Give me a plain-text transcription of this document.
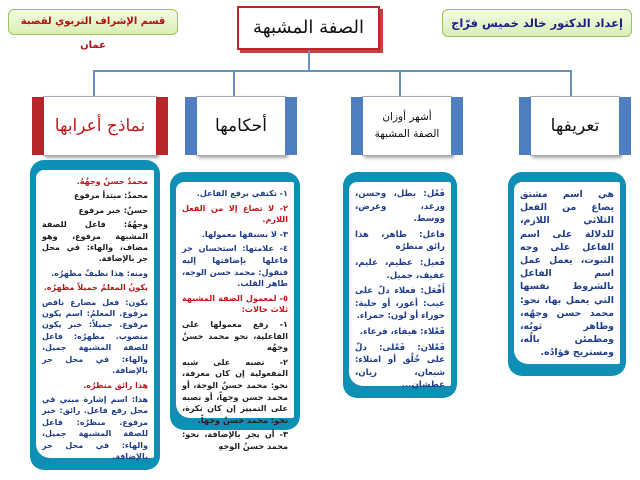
قسم الإشراف التربوي لقصبة عمان
إعداد الدكتور خالد خميس فرّاج
الصفة المشبهة
تعريفها
أشهر أوزان
الصفة المشبهة
أحكامها
نماذج أعرابها
هي اسم مشتق يصاغ من الفعل الثلاثي اللازم، للدلالة على اسم الفاعل على وجه الثبوت، يعمل عمل اسم الفاعل بالشروط نفسها التي يعمل بها، نحو: محمد حسن وجهُه، وطاهر ثوبُه، ومطمئن بالُه، ومستريح فؤادُه.
فَعْل: بطل، وحسن، ورغد، وعرض، ووسط.
فاعل: طاهر، هذا رائق منظرُه
فَعيل: عظيم، عليم، عفيف، جميل.
أَفْعَل: فعلاء دلّ على عيب: أعور، أو حلية: حوراء أو لون: حمراء.
فَعْلاء: هيفاء، فرعاء.
فَعْلان: فَعْلى: دلّ على خُلُق أو امتلاء: شبعان، ريان، عطشان...
١- تكتفي برفع الفاعل.
٢- لا تصاغ إلا من الفعل اللازم.
٣- لا يسبقها معمولها.
٤- علامتها: استحسان جر فاعلها بإضافتها إليه فنقول: محمد حسن الوجه، طاهر القلب.
٥- لمعمول الصفة المشبهة ثلاث حالات:
١- رفع معمولها على الفاعلية، نحو محمد حسنٌ وجهُه
٢- نصبه على شبه المفعولية إن كان معرفة، نحو: محمد حسنٌ الوجهَ، أو محمد حسن وجهاً، أو نصبه على التمييز إن كان نكرة، نحو: محمد حسنٌ وجهاً.
٣- أن يجر بالإضافة، نحو: محمد حسنُ الوجهِ
محمدٌ حسنٌ وجهُهُ.
محمدٌ: مبتدأ مرفوع
حسنٌ: خبر مرفوع
وجهُهُ: فاعل للصفة المشبهة مرفوع، وهو مضاف، والهاء: في محل جر بالإضافة.
ومنه: هذا نظيفٌ مظهرُه.
يكونُ المعلمُ جميلاً مظهرُه.
يكون: فعل مضارع ناقص مرفوع. المعلمُ: اسم يكون مرفوع. جميلاً: خبر يكون منصوب. مظهرُه: فاعل للصفة المشبهة جميل، والهاء: في محل جر بالإضافة.
هذا رائق منظرُه.
هذا: اسم إشارة مبني في محل رفع فاعل. رائق: خبر مرفوع. منظرُه: فاعل للصفة المشبهة جميل، والهاء: في محل جر بالإضافة.
